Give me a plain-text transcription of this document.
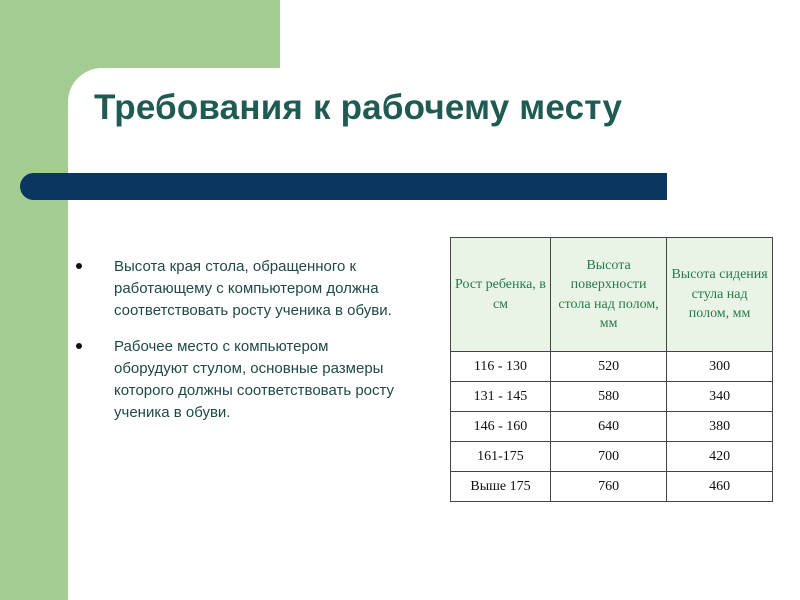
Требования к рабочему месту
Высота края стола, обращенного к работающему с компьютером должна соответствовать росту ученика в обуви.
Рабочее место с компьютером оборудуют стулом, основные размеры которого должны соответствовать росту ученика в обуви.
Рост ребенка, в см	Высота поверхности стола над полом, мм	Высота сидения стула над полом, мм
116 - 130	520	300
131 - 145	580	340
146 - 160	640	380
161-175	700	420
Выше 175	760	460
